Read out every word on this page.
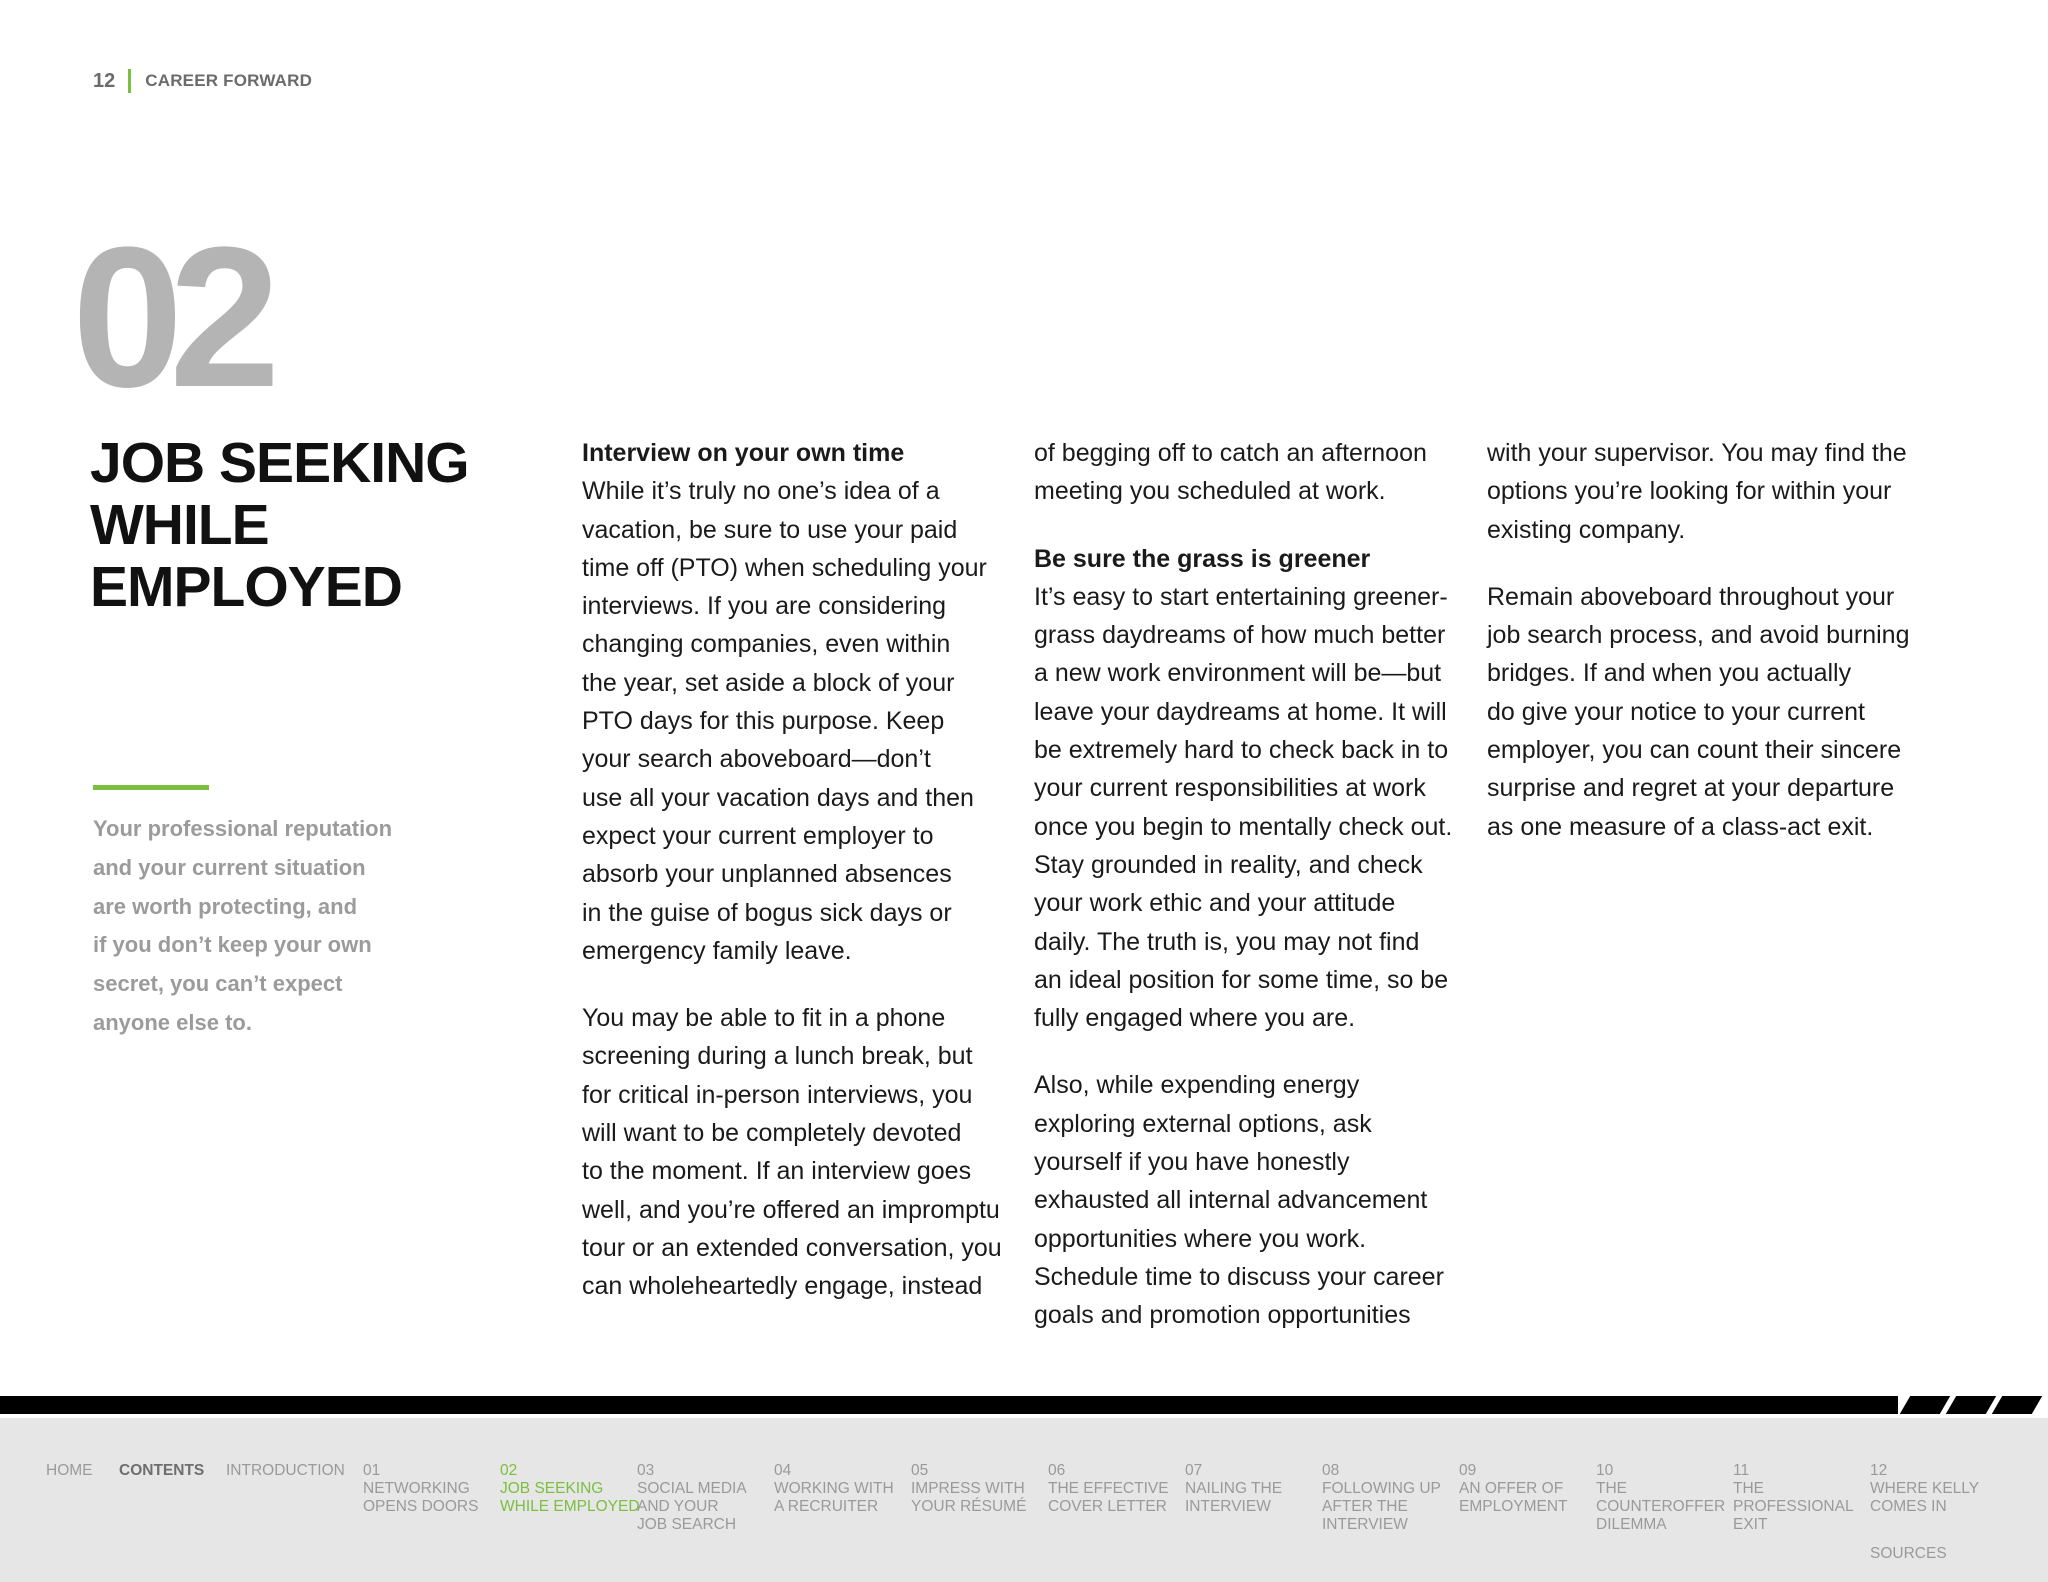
12 CAREER FORWARD
02
JOB SEEKING
WHILE
EMPLOYED
Your professional reputation
and your current situation
are worth protecting, and
if you don’t keep your own
secret, you can’t expect
anyone else to.
Interview on your own time
While it’s truly no one’s idea of a
vacation, be sure to use your paid
time off (PTO) when scheduling your
interviews. If you are considering
changing companies, even within
the year, set aside a block of your
PTO days for this purpose. Keep
your search aboveboard—don’t
use all your vacation days and then
expect your current employer to
absorb your unplanned absences
in the guise of bogus sick days or
emergency family leave.
You may be able to fit in a phone
screening during a lunch break, but
for critical in-person interviews, you
will want to be completely devoted
to the moment. If an interview goes
well, and you’re offered an impromptu
tour or an extended conversation, you
can wholeheartedly engage, instead
of begging off to catch an afternoon
meeting you scheduled at work.
Be sure the grass is greener
It’s easy to start entertaining greener-
grass daydreams of how much better
a new work environment will be—but
leave your daydreams at home. It will
be extremely hard to check back in to
your current responsibilities at work
once you begin to mentally check out.
Stay grounded in reality, and check
your work ethic and your attitude
daily. The truth is, you may not find
an ideal position for some time, so be
fully engaged where you are.
Also, while expending energy
exploring external options, ask
yourself if you have honestly
exhausted all internal advancement
opportunities where you work.
Schedule time to discuss your career
goals and promotion opportunities
with your supervisor. You may find the
options you’re looking for within your
existing company.
Remain aboveboard throughout your
job search process, and avoid burning
bridges. If and when you actually
do give your notice to your current
employer, you can count their sincere
surprise and regret at your departure
as one measure of a class-act exit.
HOME CONTENTS INTRODUCTION 01
NETWORKING
OPENS DOORS
02
JOB SEEKING
WHILE EMPLOYED
03
SOCIAL MEDIA
AND YOUR
JOB SEARCH
04
WORKING WITH
A RECRUITER
05
IMPRESS WITH
YOUR RÉSUMÉ
06
THE EFFECTIVE
COVER LETTER
07
NAILING THE
INTERVIEW
08
FOLLOWING UP
AFTER THE
INTERVIEW
09
AN OFFER OF
EMPLOYMENT
10
THE
COUNTEROFFER
DILEMMA
11
THE
PROFESSIONAL
EXIT
12
WHERE KELLY
COMES IN
SOURCES
